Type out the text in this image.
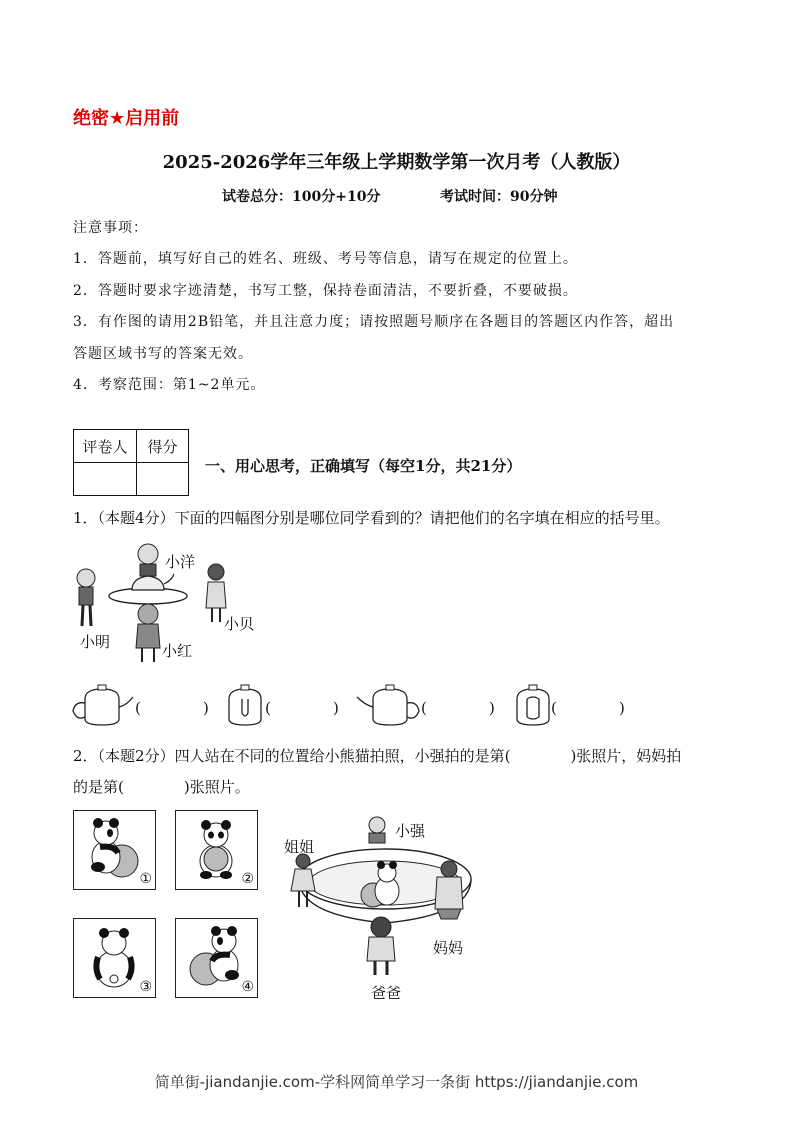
绝密★启用前
2025-2026学年三年级上学期数学第一次月考（人教版）
试卷总分：100分+10分	考试时间：90分钟
注意事项：
1．答题前，填写好自己的姓名、班级、考号等信息，请写在规定的位置上。
2．答题时要求字迹清楚，书写工整，保持卷面清洁，不要折叠，不要破损。
3．有作图的请用2B铅笔，并且注意力度；请按照题号顺序在各题目的答题区内作答，超出
答题区域书写的答案无效。
4．考察范围：第1~2单元。
评卷人	得分

一、用心思考，正确填写（每空1分，共21分）
1．（本题4分）下面的四幅图分别是哪位同学看到的？请把他们的名字填在相应的括号里。
小洋
小明
小贝
小红
(	)	(	)	(	)	(	)
2．（本题2分）四人站在不同的位置给小熊猫拍照，小强拍的是第(　　　　)张照片，妈妈拍
的是第(　　　　)张照片。
①	②
③	④
小强
姐姐
妈妈
爸爸
简单街-jiandanjie.com-学科网简单学习一条街 https://jiandanjie.com
